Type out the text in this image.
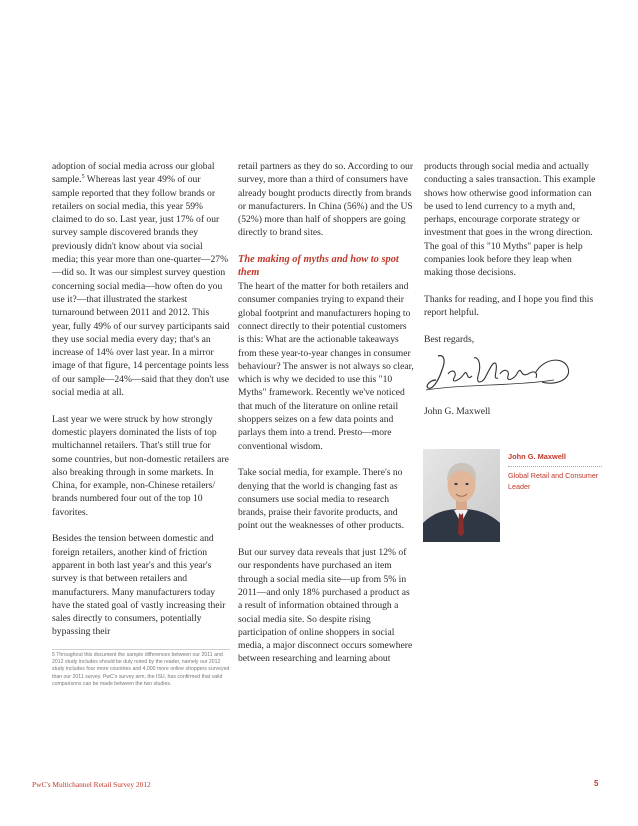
adoption of social media across our global sample.$^5$ Whereas last year 49% of our sample reported that they follow brands or retailers on social media, this year 59% claimed to do so. Last year, just 17% of our survey sample discovered brands they previously didn't know about via social media; this year more than one-quarter—27%—did so. It was our simplest survey question concerning social media—how often do you use it?—that illustrated the starkest turnaround between 2011 and 2012. This year, fully 49% of our survey participants said they use social media every day; that's an increase of 14% over last year. In a mirror image of that figure, 14 percentage points less of our sample—24%—said that they don't use social media at all.

Last year we were struck by how strongly domestic players dominated the lists of top multichannel retailers. That's still true for some countries, but non-domestic retailers are also breaking through in some markets. In China, for example, non-Chinese retailers/ brands numbered four out of the top 10 favorites.

Besides the tension between domestic and foreign retailers, another kind of friction apparent in both last year's and this year's survey is that between retailers and manufacturers. Many manufacturers today have the stated goal of vastly increasing their sales directly to consumers, potentially bypassing their

5 Throughout this document the sample differences between our 2011 and 2012 study includes should be duly noted by the reader, namely our 2012 study includes four more countries and 4,000 more online shoppers surveyed than our 2011 survey. PwC's survey arm, the ISU, has confirmed that valid comparisons can be made between the two studies.

retail partners as they do so. According to our survey, more than a third of consumers have already bought products directly from brands or manufacturers. In China (56%) and the US (52%) more than half of shoppers are going directly to brand sites.

The making of myths and how to spot them

The heart of the matter for both retailers and consumer companies trying to expand their global footprint and manufacturers hoping to connect directly to their potential customers is this: What are the actionable takeaways from these year-to-year changes in consumer behaviour? The answer is not always so clear, which is why we decided to use this "10 Myths" framework. Recently we've noticed that much of the literature on online retail shoppers seizes on a few data points and parlays them into a trend. Presto—more conventional wisdom.

Take social media, for example. There's no denying that the world is changing fast as consumers use social media to research brands, praise their favorite products, and point out the weaknesses of other products.

But our survey data reveals that just 12% of our respondents have purchased an item through a social media site—up from 5% in 2011—and only 18% purchased a product as a result of information obtained through a social media site. So despite rising participation of online shoppers in social media, a major disconnect occurs somewhere between researching and learning about

products through social media and actually conducting a sales transaction. This example shows how otherwise good information can be used to lend currency to a myth and, perhaps, encourage corporate strategy or investment that goes in the wrong direction. The goal of this "10 Myths" paper is help companies look before they leap when making those decisions.

Thanks for reading, and I hope you find this report helpful.

Best regards,

John G. Maxwell
John G. Maxwell
Global Retail and Consumer Leader
PwC's Multichannel Retail Survey 2012	5
